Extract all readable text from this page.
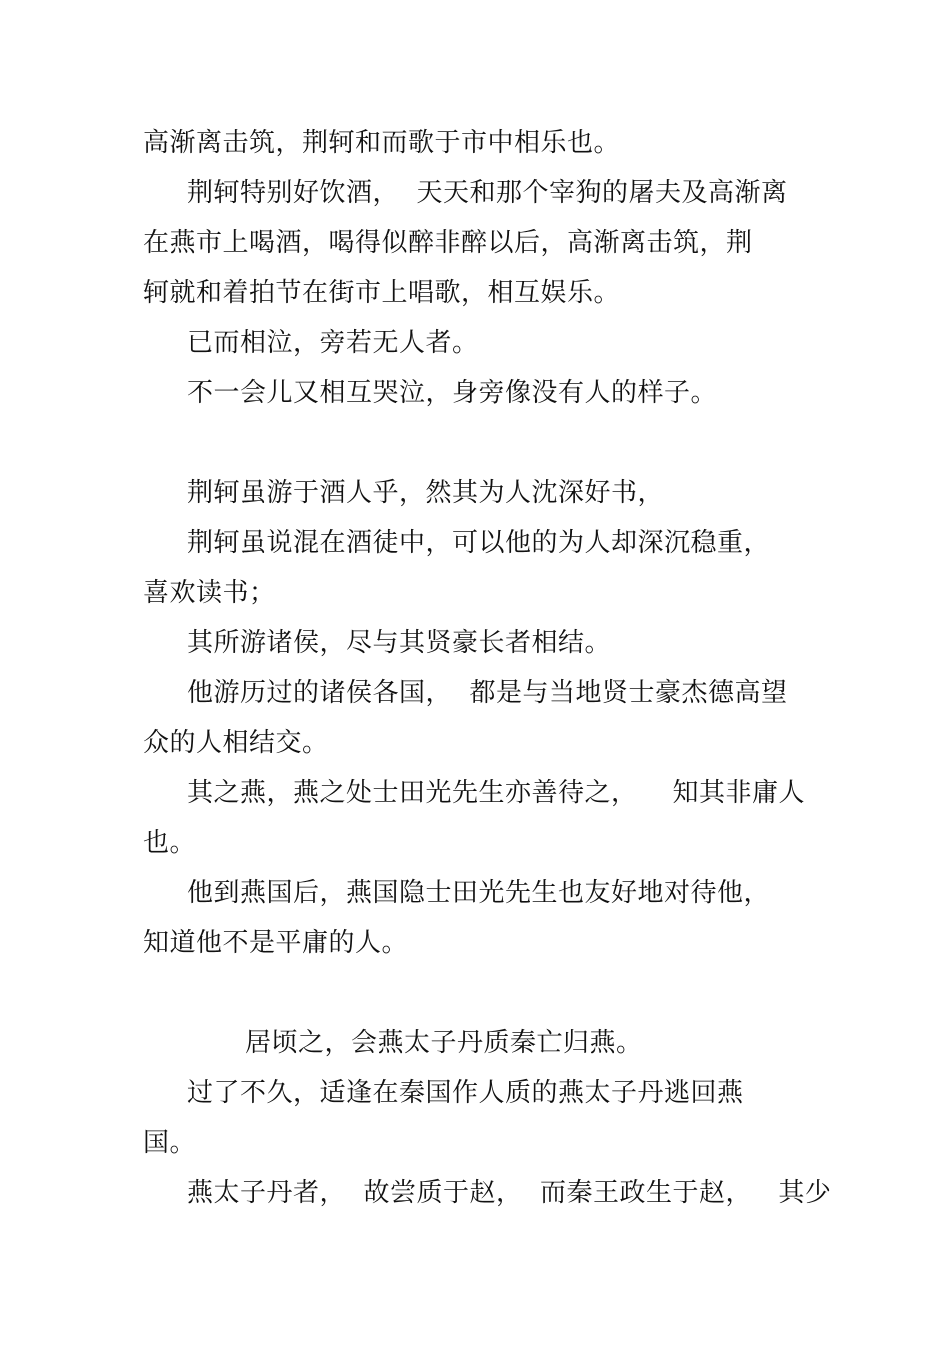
高渐离击筑，荆轲和而歌于市中相乐也。
荆轲特别好饮酒，  天天和那个宰狗的屠夫及高渐离
在燕市上喝酒，喝得似醉非醉以后，高渐离击筑，荆
轲就和着拍节在街市上唱歌，相互娱乐。
已而相泣，旁若无人者。
不一会儿又相互哭泣，身旁像没有人的样子。
荆轲虽游于酒人乎，然其为人沈深好书，
荆轲虽说混在酒徒中，可以他的为人却深沉稳重，
喜欢读书；
其所游诸侯，尽与其贤豪长者相结。
他游历过的诸侯各国，  都是与当地贤士豪杰德高望
众的人相结交。
其之燕，燕之处士田光先生亦善待之，    知其非庸人
也。
他到燕国后，燕国隐士田光先生也友好地对待他，
知道他不是平庸的人。
居顷之，会燕太子丹质秦亡归燕。
过了不久，适逢在秦国作人质的燕太子丹逃回燕
国。
燕太子丹者，  故尝质于赵，  而秦王政生于赵，   其少
